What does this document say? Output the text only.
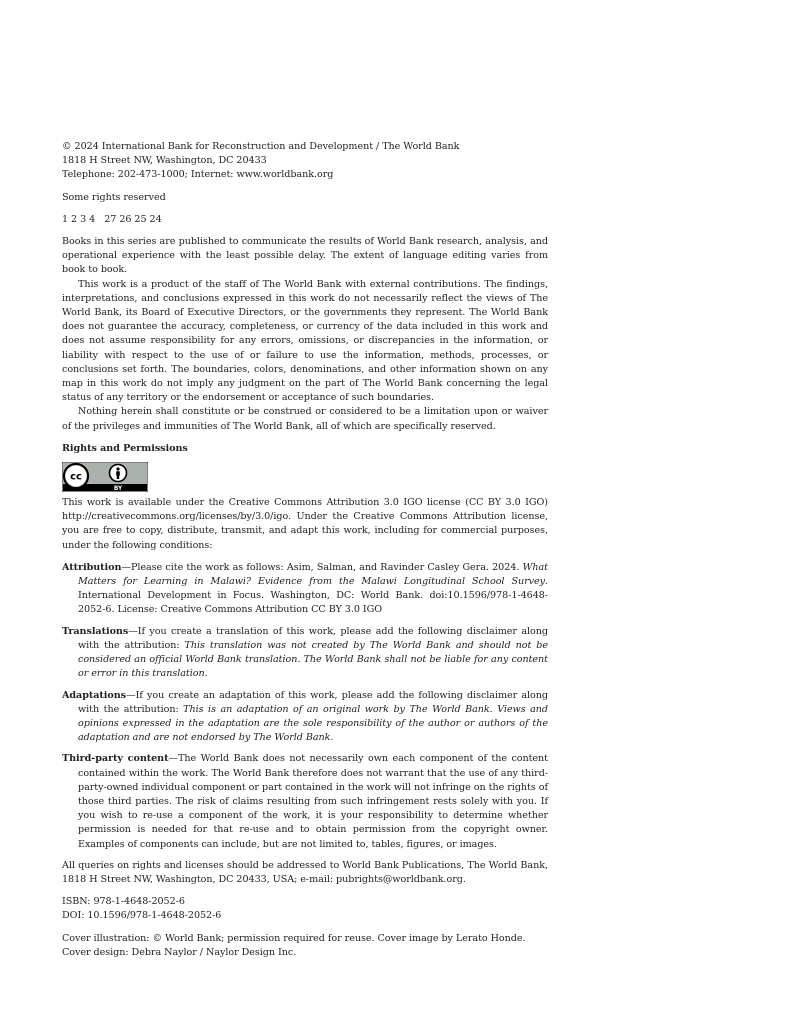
© 2024 International Bank for Reconstruction and Development / The World Bank

1818 H Street NW, Washington, DC 20433

Telephone: 202-473-1000; Internet: www.worldbank.org

Some rights reserved

1 2 3 4   27 26 25 24

Books in this series are published to communicate the results of World Bank research, analysis, and operational experience with the least possible delay. The extent of language editing varies from book to book.

This work is a product of the staff of The World Bank with external contributions. The findings, interpretations, and conclusions expressed in this work do not necessarily reflect the views of The World Bank, its Board of Executive Directors, or the governments they represent. The World Bank does not guarantee the accuracy, completeness, or currency of the data included in this work and does not assume responsibility for any errors, omissions, or discrepancies in the information, or liability with respect to the use of or failure to use the information, methods, processes, or conclusions set forth. The boundaries, colors, denominations, and other information shown on any map in this work do not imply any judgment on the part of The World Bank concerning the legal status of any territory or the endorsement or acceptance of such boundaries.

Nothing herein shall constitute or be construed or considered to be a limitation upon or waiver of the privileges and immunities of The World Bank, all of which are specifically reserved.

Rights and Permissions

cc
BY

This work is available under the Creative Commons Attribution 3.0 IGO license (CC BY 3.0 IGO) http://creativecommons.org/licenses/by/3.0/igo. Under the Creative Commons Attribution license, you are free to copy, distribute, transmit, and adapt this work, including for commercial purposes, under the following conditions:

Attribution—Please cite the work as follows: Asim, Salman, and Ravinder Casley Gera. 2024. What Matters for Learning in Malawi? Evidence from the Malawi Longitudinal School Survey. International Development in Focus. Washington, DC: World Bank. doi:10.1596/978-1-4648-2052-6. License: Creative Commons Attribution CC BY 3.0 IGO

Translations—If you create a translation of this work, please add the following disclaimer along with the attribution: This translation was not created by The World Bank and should not be considered an official World Bank translation. The World Bank shall not be liable for any content or error in this translation.

Adaptations—If you create an adaptation of this work, please add the following disclaimer along with the attribution: This is an adaptation of an original work by The World Bank. Views and opinions expressed in the adaptation are the sole responsibility of the author or authors of the adaptation and are not endorsed by The World Bank.

Third-party content—The World Bank does not necessarily own each component of the content contained within the work. The World Bank therefore does not warrant that the use of any third-party-owned individual component or part contained in the work will not infringe on the rights of those third parties. The risk of claims resulting from such infringement rests solely with you. If you wish to re-use a component of the work, it is your responsibility to determine whether permission is needed for that re-use and to obtain permission from the copyright owner. Examples of components can include, but are not limited to, tables, figures, or images.

All queries on rights and licenses should be addressed to World Bank Publications, The World Bank, 1818 H Street NW, Washington, DC 20433, USA; e-mail: pubrights@worldbank.org.

ISBN: 978-1-4648-2052-6

DOI: 10.1596/978-1-4648-2052-6

Cover illustration: © World Bank; permission required for reuse. Cover image by Lerato Honde.

Cover design: Debra Naylor / Naylor Design Inc.
